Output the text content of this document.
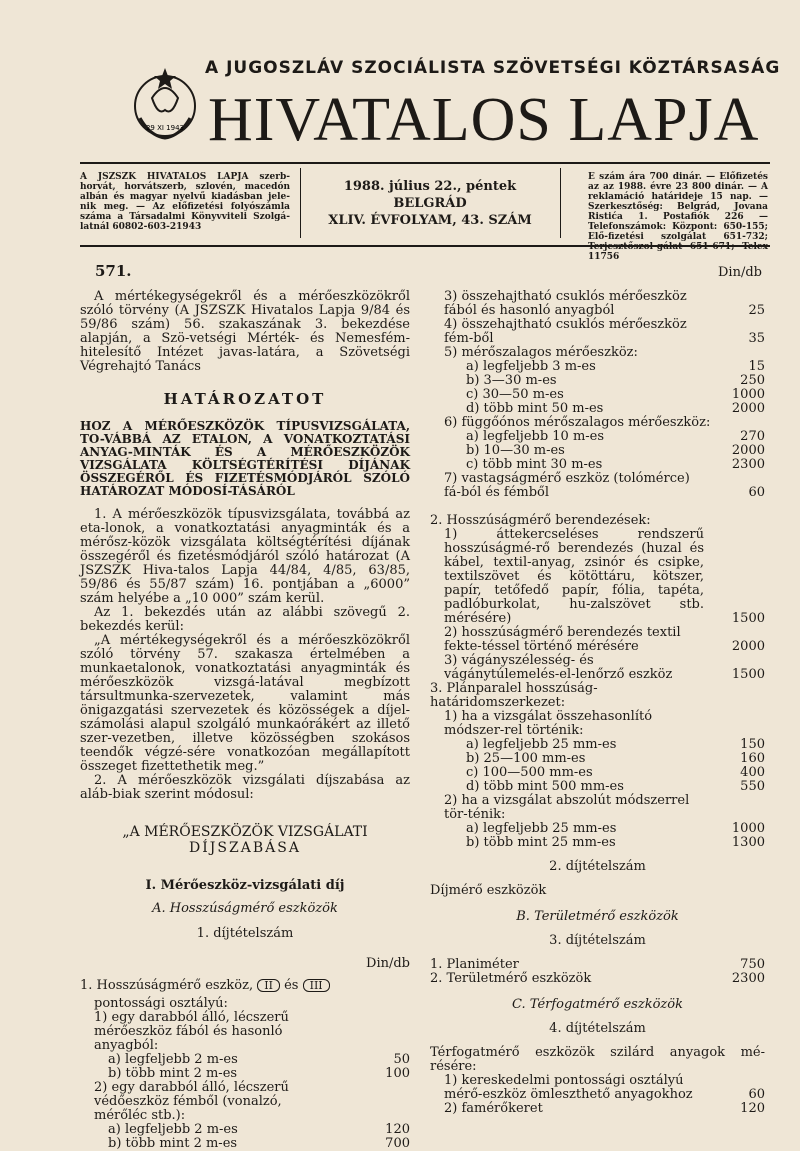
29 XI 1943
A JUGOSZLÁV SZOCIÁLISTA SZÖVETSÉGI KÖZTÁRSASÁG
HIVATALOS LAPJA
A JSZSZK HIVATALOS LAPJA szerb-horvát, horvátszerb, szlovén, macedón albán és magyar nyelvű kiadásban jele-nik meg. — Az előfizetési folyószámla száma a Társadalmi Könyvviteli Szolgá-latnál 60802-603-21943
1988. július 22., péntek
BELGRÁD
XLIV. ÉVFOLYAM, 43. SZÁM
E szám ára 700 dinár. — Előfizetés az az 1988. évre 23 800 dinár. — A reklamáció határideje 15 nap. — Szerkesztőség: Belgrád, Jovana Ristića 1. Postafiók 226 — Telefonszámok: Központ: 650-155; Elő-fizetési szolgálat 651-732; Terjesztőszol-gálat 651-671; Telex 11756
571.	Din/db
A mértékegységekről és a mérőeszközökről szóló törvény (A JSZSZK Hivatalos Lapja 9/84 és 59/86 szám) 56. szakaszának 3. bekezdése alapján, a Szö-vetségi Mérték- és Nemesfém-hitelesítő Intézet javas-latára, a Szövetségi Végrehajtó Tanács
HATÁROZATOT
HOZ A MÉRŐESZKÖZÖK TÍPUSVIZSGÁLATA, TO-VÁBBÁ AZ ETALON, A VONATKOZTATÁSI ANYAG-MINTÁK ÉS A MÉRŐESZKÖZÖK VIZSGÁLATA KÖLTSÉGTÉRÍTÉSI DÍJÁNAK ÖSSZEGÉRŐL ÉS FIZETÉSMÓDJÁRÓL SZÓLÓ HATÁROZAT MÓDOSÍ-TÁSÁRÓL
1. A mérőeszközök típusvizsgálata, továbbá az eta-lonok, a vonatkoztatási anyagminták és a mérősz-közök vizsgálata költségtérítési díjának összegéről és fizetésmódjáról szóló határozat (A JSZSZK Hiva-talos Lapja 44/84, 4/85, 63/85, 59/86 és 55/87 szám) 16. pontjában a „6000” szám helyébe a „10 000” szám kerül.
Az 1. bekezdés után az alábbi szövegű 2. bekezdés kerül:
„A mértékegységekről és a mérőeszközökről szóló törvény 57. szakasza értelmében a munkaetalonok, vonatkoztatási anyagminták és mérőeszközök vizsgá-latával megbízott társultmunka-szervezetek, valamint más önigazgatási szervezetek és közösségek a díjel-számolási alapul szolgáló munkaórákért az illető szer-vezetben, illetve közösségben szokásos teendők végzé-sére vonatkozóan megállapított összeget fizettethetik meg.”
2. A mérőeszközök vizsgálati díjszabása az aláb-biak szerint módosul:
„A MÉRŐESZKÖZÖK VIZSGÁLATI
DÍJSZABÁSA
I. Mérőeszköz-vizsgálati díj
A. Hosszúságmérő eszközök
1. díjtételszám
Din/db
1. Hosszúságmérő eszköz, II és III
pontossági osztályú:
1) egy darabból álló, lécszerű mérőeszköz fából és hasonló anyagból:
a) legfeljebb 2 m-es	50
b) több mint 2 m-es	100
2) egy darabból álló, lécszerű védőeszköz fémből (vonalzó, mérőléc stb.):
a) legfeljebb 2 m-es	120
b) több mint 2 m-es	700
3) összehajtható csuklós mérőeszköz fából és hasonló anyagból	25
4) összehajtható csuklós mérőeszköz fém-ből	35
5) mérőszalagos mérőeszköz:
a) legfeljebb 3 m-es	15
b) 3—30 m-es	250
c) 30—50 m-es	1000
d) több mint 50 m-es	2000
6) függőónos mérőszalagos mérőeszköz:
a) legfeljebb 10 m-es	270
b) 10—30 m-es	2000
c) több mint 30 m-es	2300
7) vastagságmérő eszköz (tolómérce) fá-ból és fémből	60
2. Hosszúságmérő berendezések:
1) áttekercseléses rendszerű hosszúságmé-rő berendezés (huzal és kábel, textil-anyag, zsinór és csipke, textilszövet és kötöttáru, kötszer, papír, tetőfedő papír, fólia, tapéta, padlóburkolat, hu-zalszövet stb. mérésére)	1500
2) hosszúságmérő berendezés textil fekte-téssel történő mérésére	2000
3) vágányszélesség- és vágánytúlemelés-el-lenőrző eszköz	1500
3. Plánparalel hosszúság-határidomszerkezet:
1) ha a vizsgálat összehasonlító módszer-rel történik:
a) legfeljebb 25 mm-es	150
b) 25—100 mm-es	160
c) 100—500 mm-es	400
d) több mint 500 mm-es	550
2) ha a vizsgálat abszolút módszerrel tör-ténik:
a) legfeljebb 25 mm-es	1000
b) több mint 25 mm-es	1300
2. díjtételszám
Díjmérő eszközök
B. Területmérő eszközök
3. díjtételszám
1. Planiméter	750
2. Területmérő eszközök	2300
C. Térfogatmérő eszközök
4. díjtételszám
Térfogatmérő eszközök szilárd anyagok mé-résére:
1) kereskedelmi pontossági osztályú mérő-eszköz ömleszthető anyagokhoz	60
2) famérőkeret	120
